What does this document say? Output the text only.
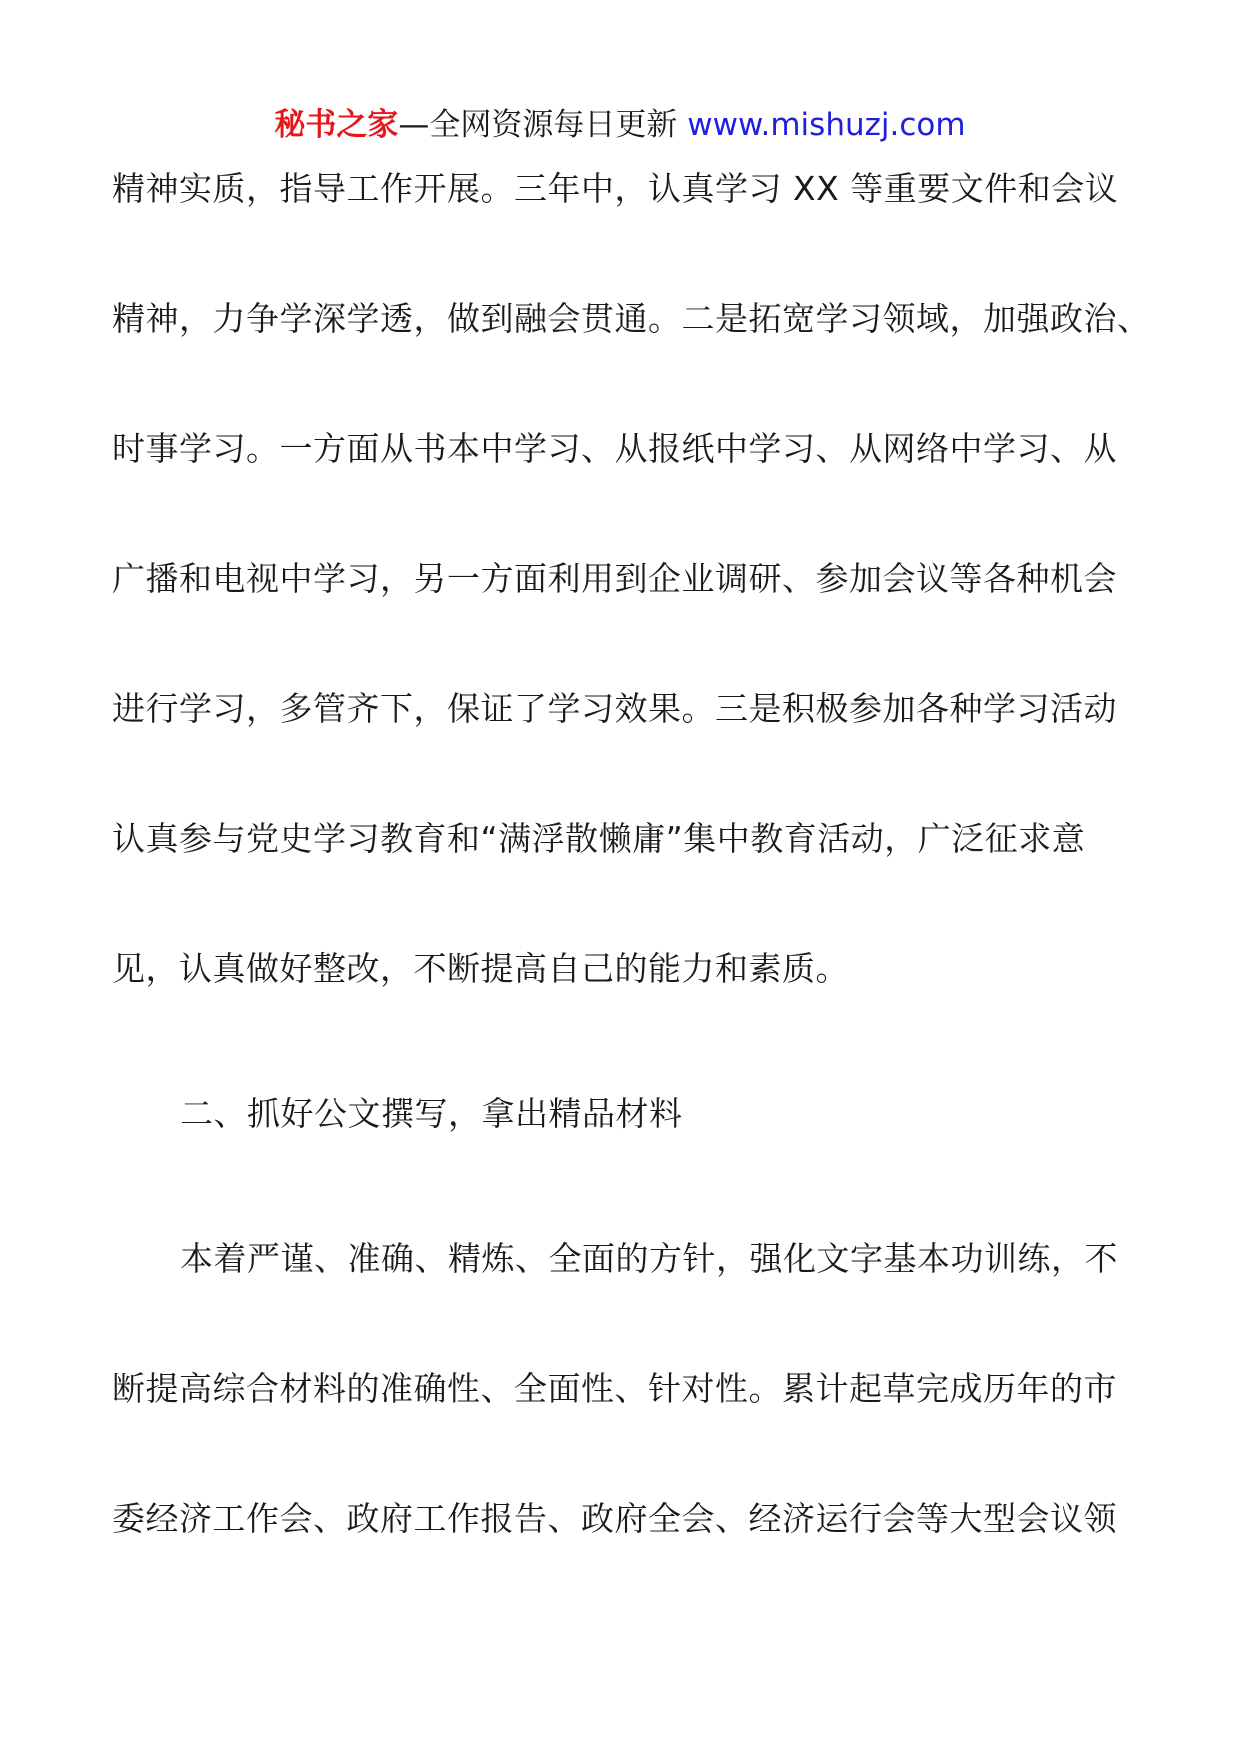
秘书之家—全网资源每日更新 www.mishuzj.com
精神实质，指导工作开展。三年中，认真学习 XX 等重要文件和会议
精神，力争学深学透，做到融会贯通。二是拓宽学习领域，加强政治、
时事学习。一方面从书本中学习、从报纸中学习、从网络中学习、从
广播和电视中学习，另一方面利用到企业调研、参加会议等各种机会
进行学习，多管齐下，保证了学习效果。三是积极参加各种学习活动
认真参与党史学习教育和“满浮散懒庸”集中教育活动，广泛征求意
见，认真做好整改，不断提高自己的能力和素质。
二、抓好公文撰写，拿出精品材料
本着严谨、准确、精炼、全面的方针，强化文字基本功训练，不
断提高综合材料的准确性、全面性、针对性。累计起草完成历年的市
委经济工作会、政府工作报告、政府全会、经济运行会等大型会议领
